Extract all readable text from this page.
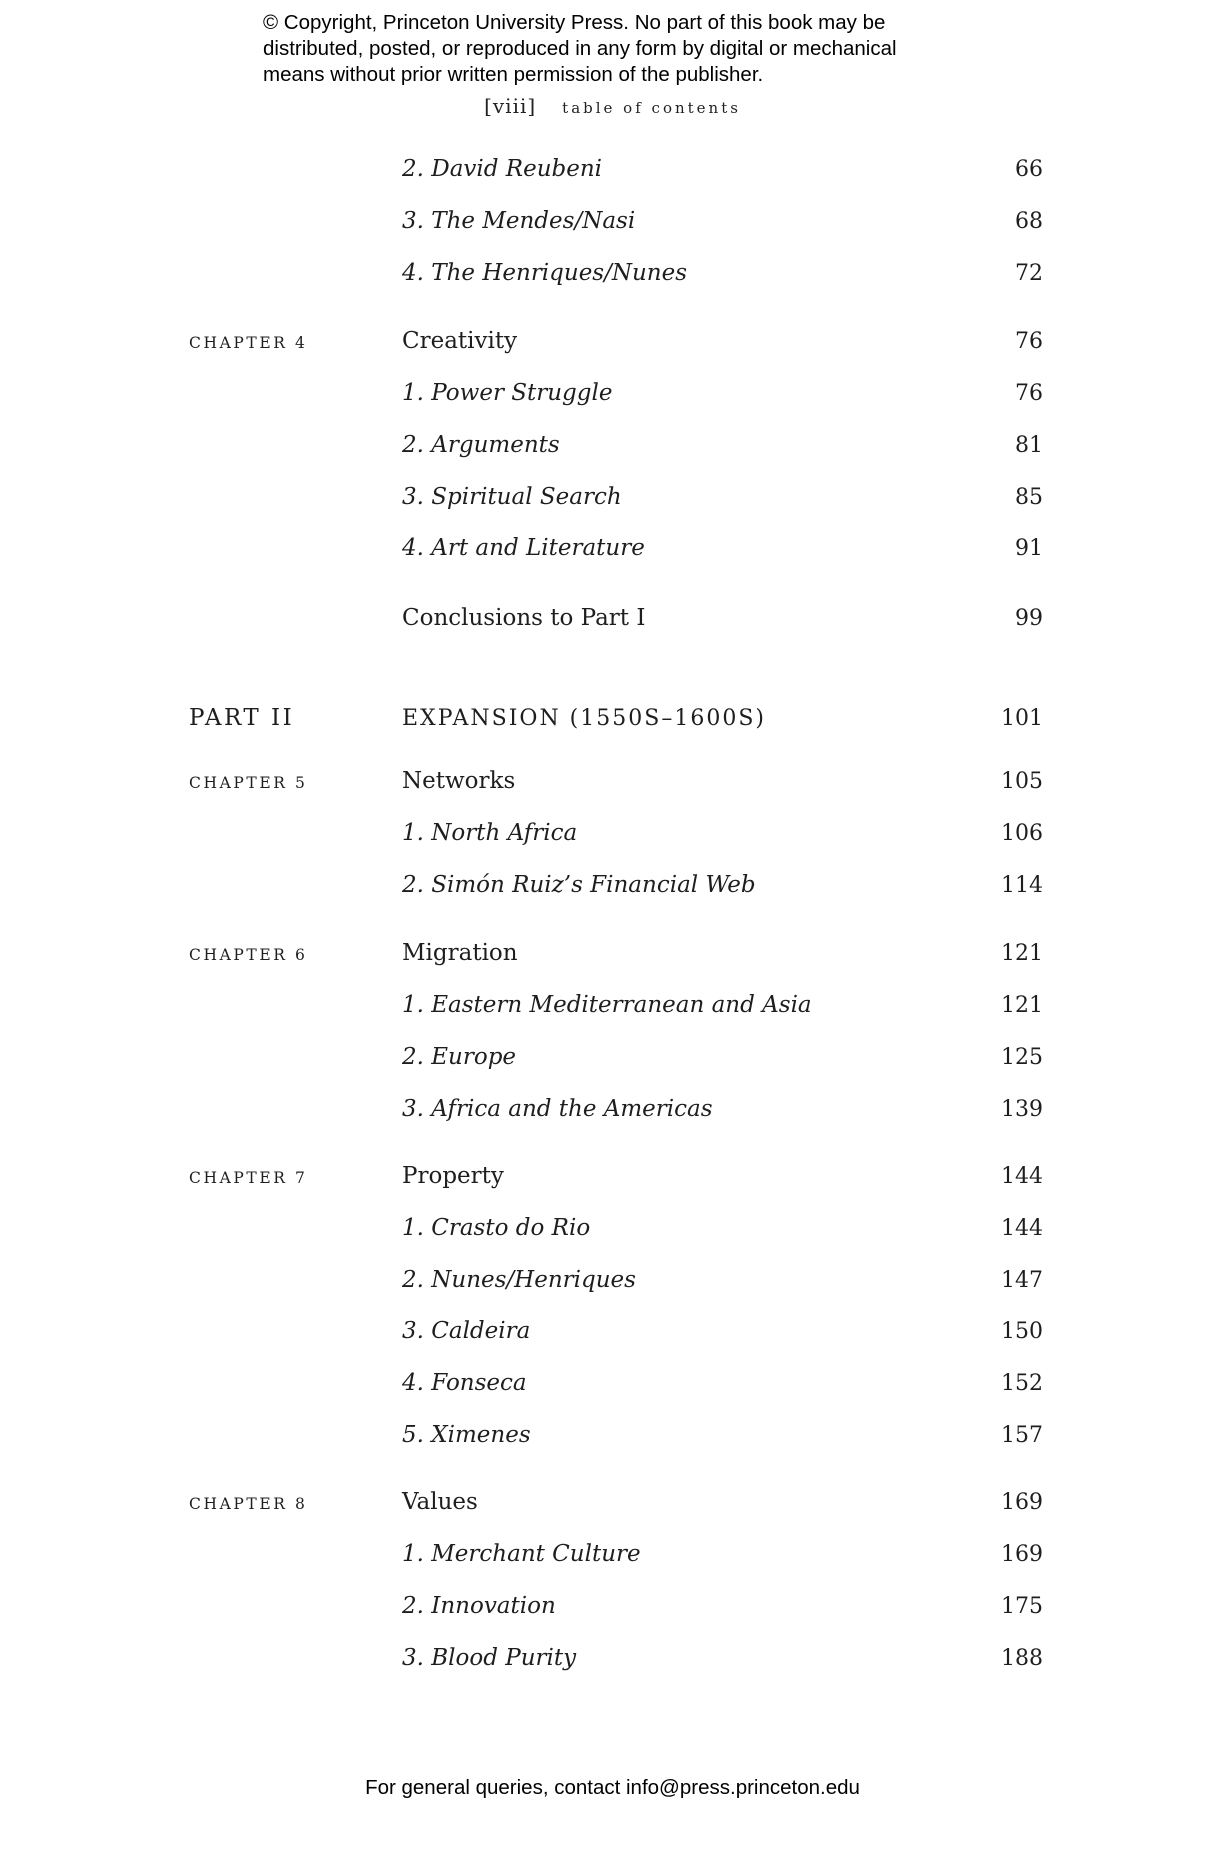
© Copyright, Princeton University Press. No part of this book may be
distributed, posted, or reproduced in any form by digital or mechanical
means without prior written permission of the publisher.
[viii] table of contents
2. David Reubeni	66
3. The Mendes/Nasi	68
4. The Henriques/Nunes	72
CHAPTER 4	Creativity	76
1. Power Struggle	76
2. Arguments	81
3. Spiritual Search	85
4. Art and Literature	91
Conclusions to Part I	99
PART II	EXPANSION (1550S–1600S)	101
CHAPTER 5	Networks	105
1. North Africa	106
2. Simón Ruiz’s Financial Web	114
CHAPTER 6	Migration	121
1. Eastern Mediterranean and Asia	121
2. Europe	125
3. Africa and the Americas	139
CHAPTER 7	Property	144
1. Crasto do Rio	144
2. Nunes/Henriques	147
3. Caldeira	150
4. Fonseca	152
5. Ximenes	157
CHAPTER 8	Values	169
1. Merchant Culture	169
2. Innovation	175
3. Blood Purity	188
For general queries, contact info@press.princeton.edu
